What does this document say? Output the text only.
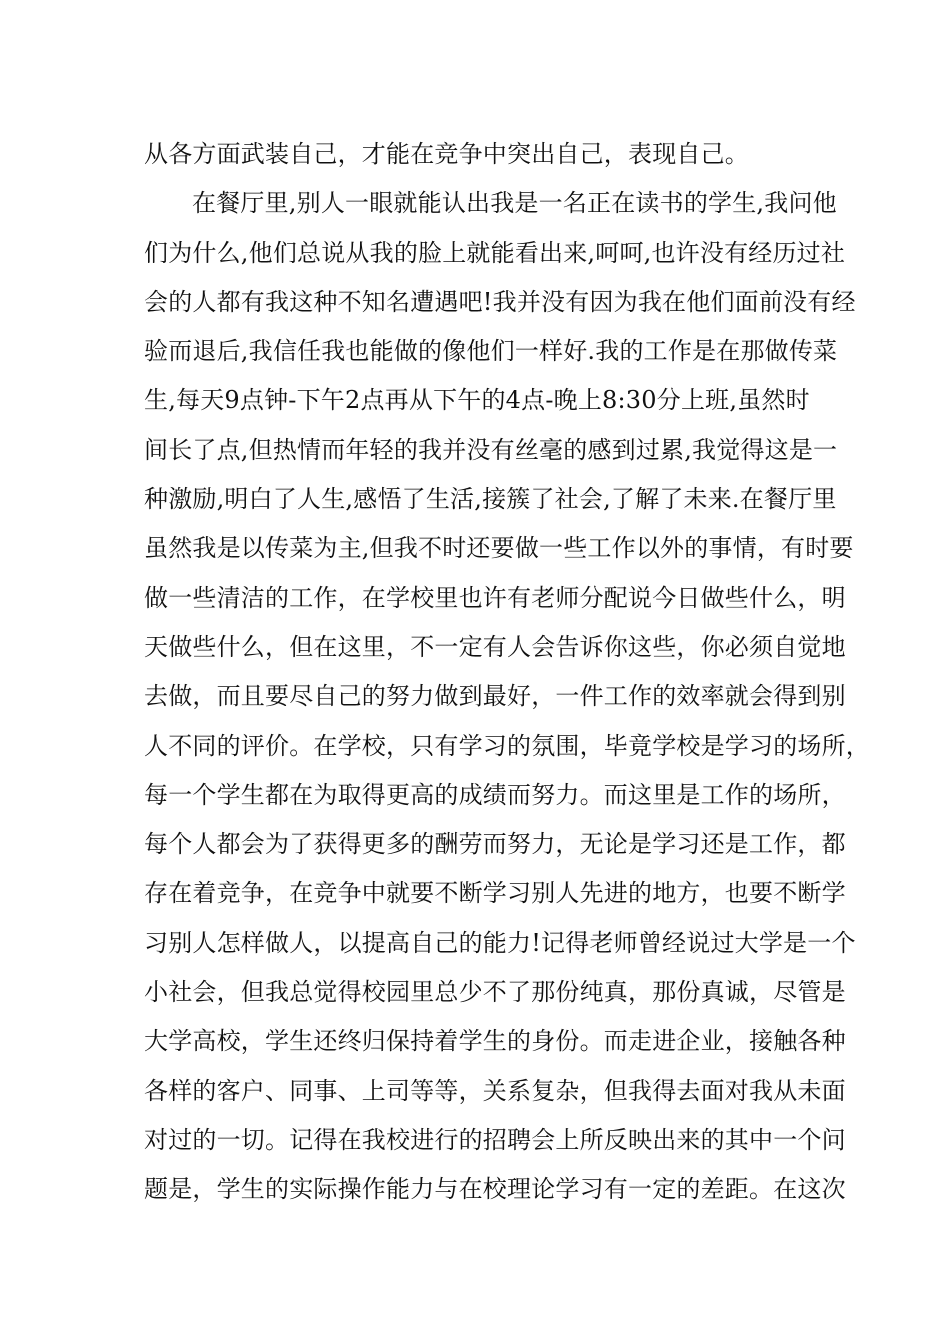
从各方面武装自己，才能在竞争中突出自己，表现自己。
在餐厅里,别人一眼就能认出我是一名正在读书的学生,我问他
们为什么,他们总说从我的脸上就能看出来,呵呵,也许没有经历过社
会的人都有我这种不知名遭遇吧!我并没有因为我在他们面前没有经
验而退后,我信任我也能做的像他们一样好.我的工作是在那做传菜
生,每天9点钟-下午2点再从下午的4点-晚上8:30分上班,虽然时
间长了点,但热情而年轻的我并没有丝毫的感到过累,我觉得这是一
种激励,明白了人生,感悟了生活,接簇了社会,了解了未来.在餐厅里
虽然我是以传菜为主,但我不时还要做一些工作以外的事情，有时要
做一些清洁的工作，在学校里也许有老师分配说今日做些什么，明
天做些什么，但在这里，不一定有人会告诉你这些，你必须自觉地
去做，而且要尽自己的努力做到最好，一件工作的效率就会得到别
人不同的评价。在学校，只有学习的氛围，毕竟学校是学习的场所，
每一个学生都在为取得更高的成绩而努力。而这里是工作的场所，
每个人都会为了获得更多的酬劳而努力，无论是学习还是工作，都
存在着竞争，在竞争中就要不断学习别人先进的地方，也要不断学
习别人怎样做人，以提高自己的能力!记得老师曾经说过大学是一个
小社会，但我总觉得校园里总少不了那份纯真，那份真诚，尽管是
大学高校，学生还终归保持着学生的身份。而走进企业，接触各种
各样的客户、同事、上司等等，关系复杂，但我得去面对我从未面
对过的一切。记得在我校进行的招聘会上所反映出来的其中一个问
题是，学生的实际操作能力与在校理论学习有一定的差距。在这次
